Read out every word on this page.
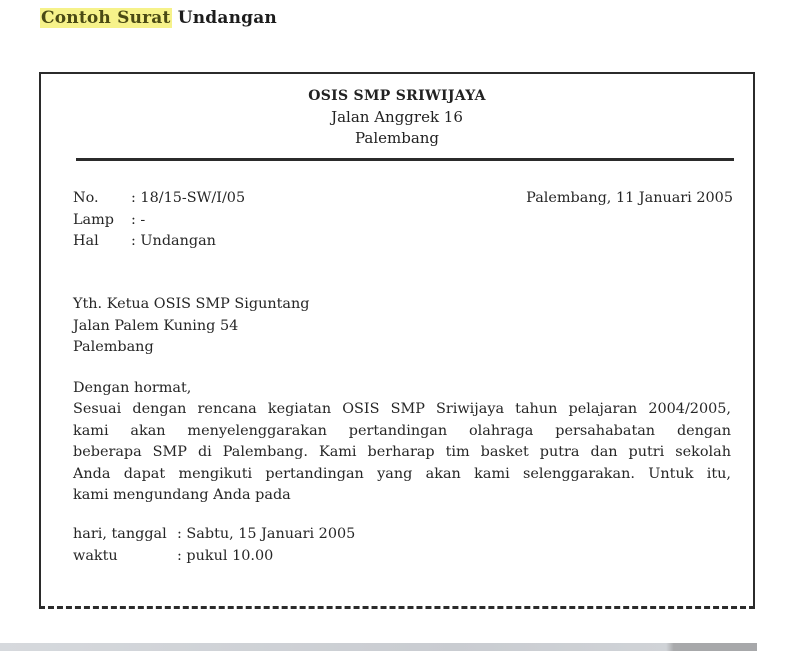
Contoh Surat Undangan
OSIS SMP SRIWIJAYA
Jalan Anggrek 16
Palembang
No.	: 18/15-SW/I/05
Lamp	: -
Hal	: Undangan
Palembang, 11 Januari 2005
Yth. Ketua OSIS SMP Siguntang
Jalan Palem Kuning 54
Palembang
Dengan hormat,
Sesuai dengan rencana kegiatan OSIS SMP Sriwijaya tahun pelajaran 2004/2005,
kami akan menyelenggarakan pertandingan olahraga persahabatan dengan
beberapa SMP di Palembang. Kami berharap tim basket putra dan putri sekolah
Anda dapat mengikuti pertandingan yang akan kami selenggarakan. Untuk itu,
kami mengundang Anda pada
hari, tanggal : Sabtu, 15 Januari 2005
waktu	: pukul 10.00
